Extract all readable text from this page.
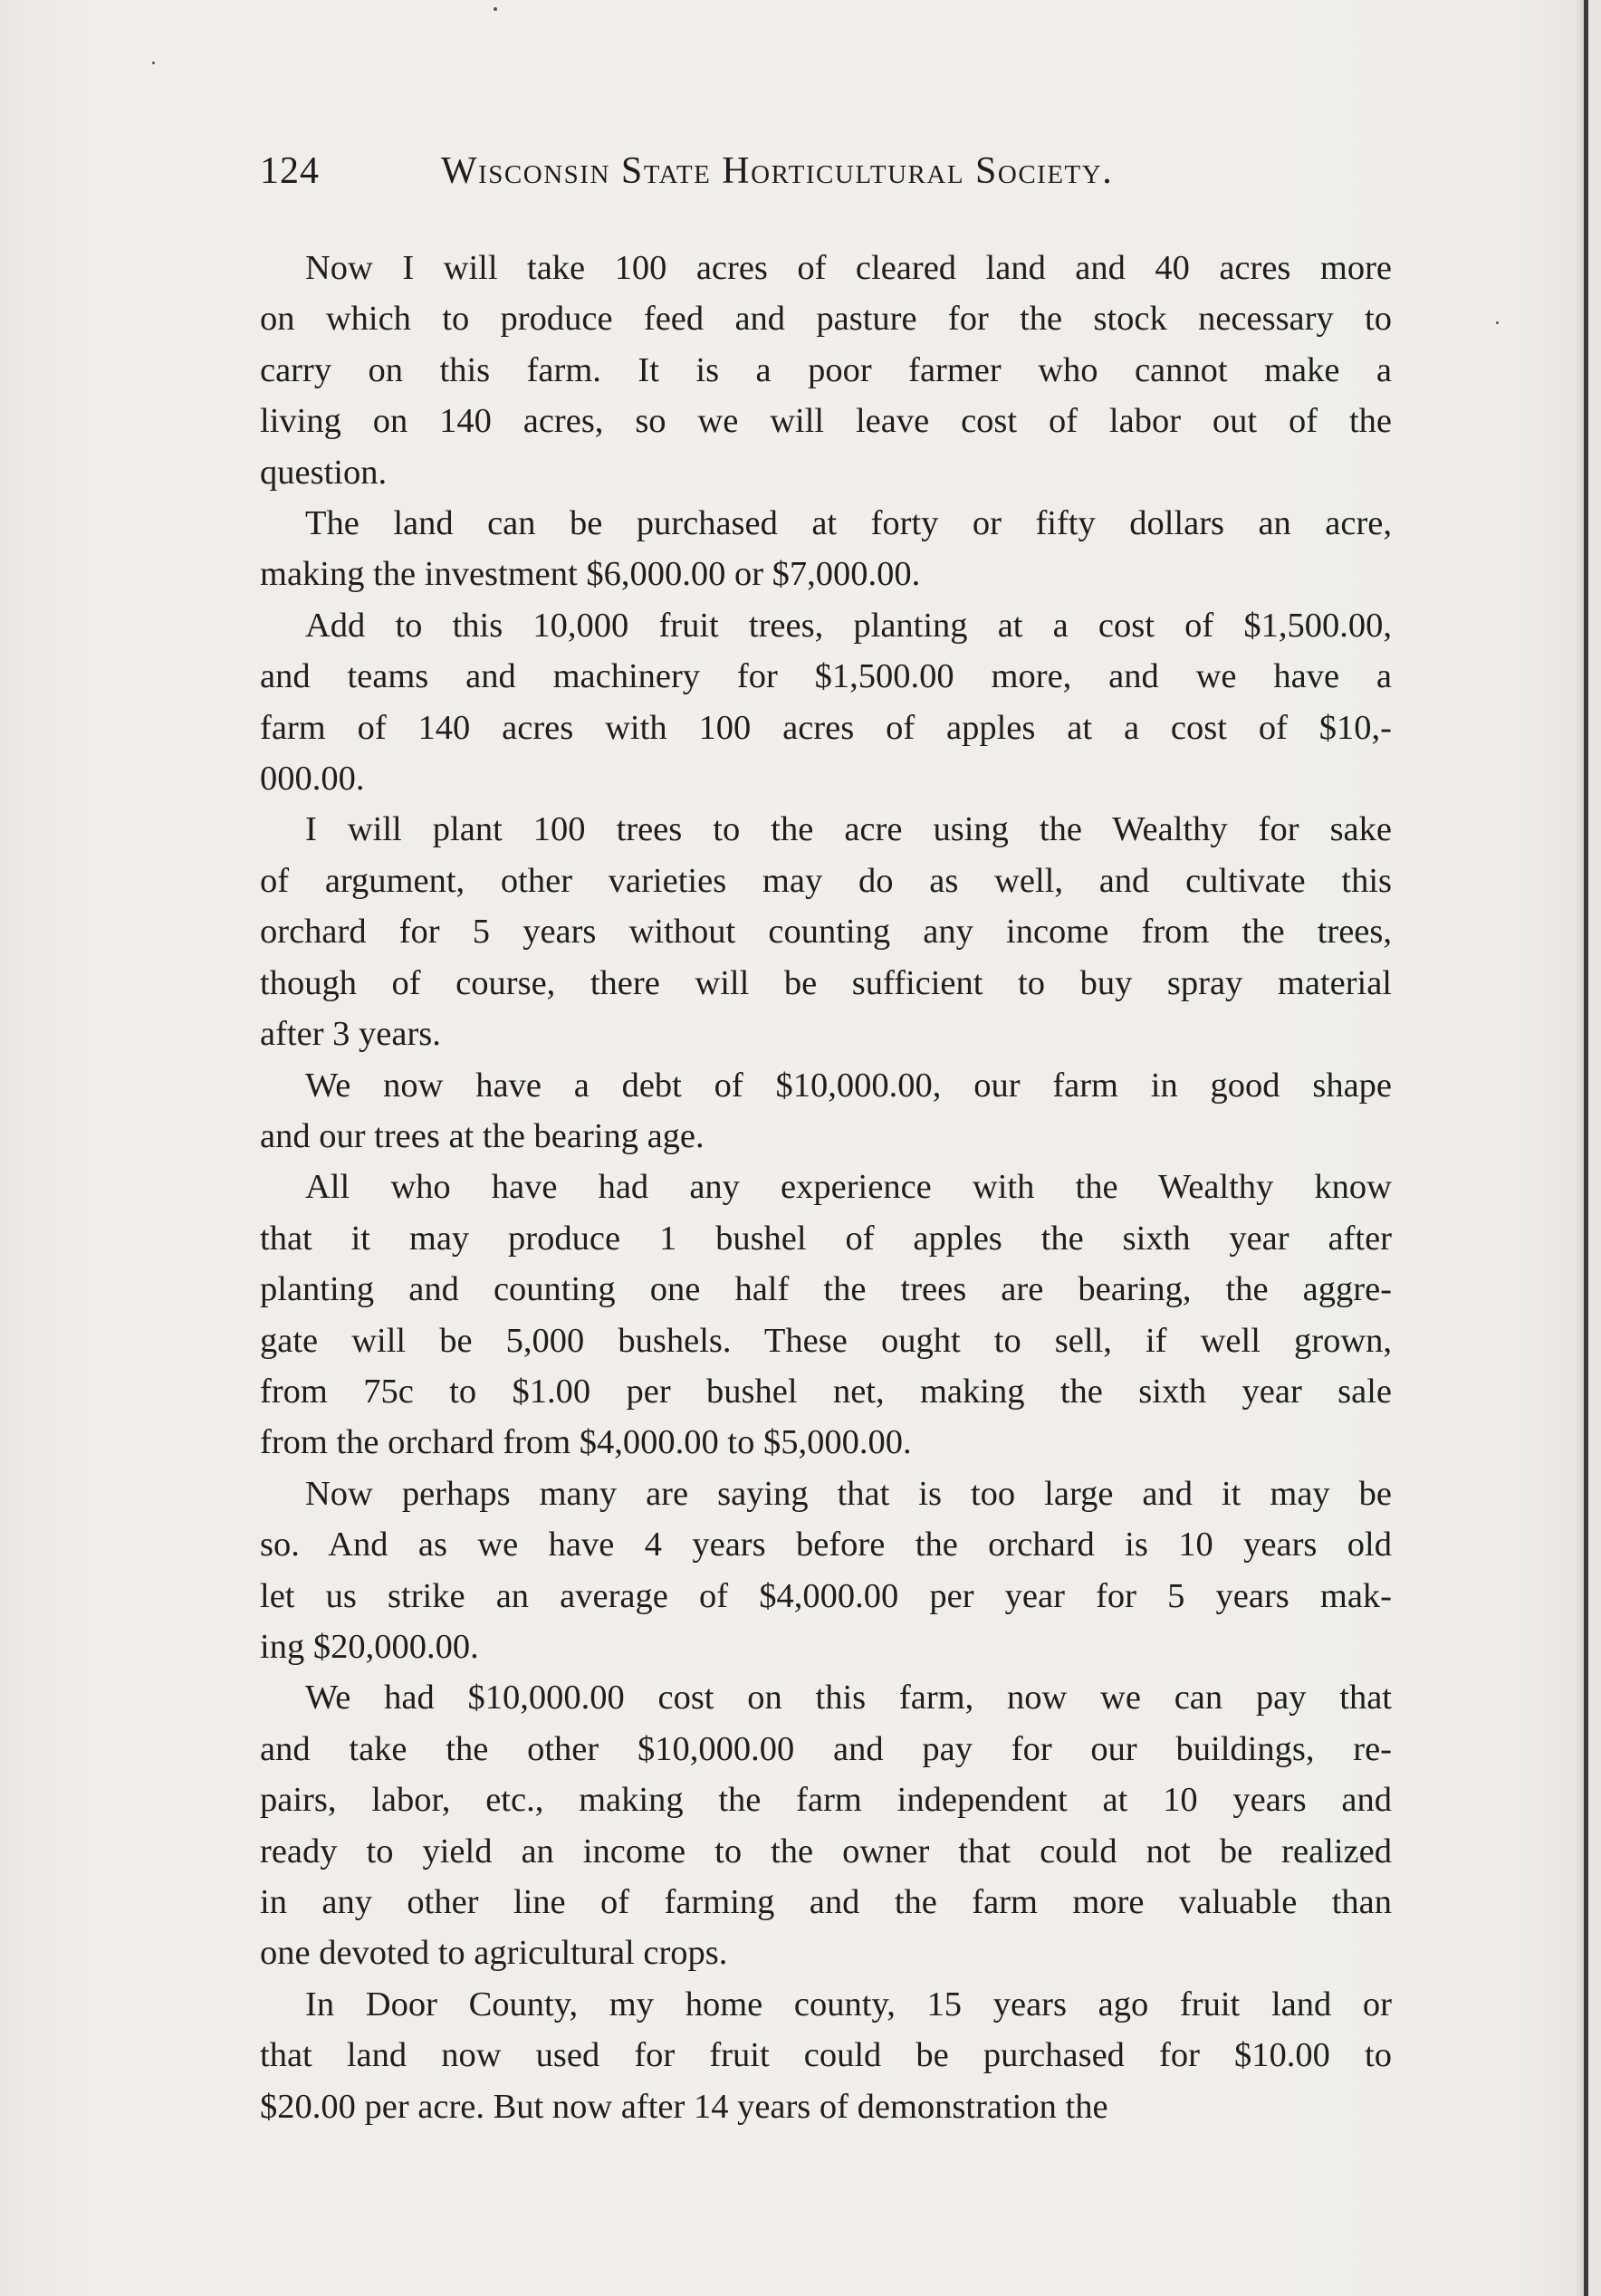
124	Wisconsin State Horticultural Society.

Now I will take 100 acres of cleared land and 40 acres more
on which to produce feed and pasture for the stock necessary to
carry on this farm. It is a poor farmer who cannot make a
living on 140 acres, so we will leave cost of labor out of the
question.

The land can be purchased at forty or fifty dollars an acre,
making the investment $6,000.00 or $7,000.00.

Add to this 10,000 fruit trees, planting at a cost of $1,500.00,
and teams and machinery for $1,500.00 more, and we have a
farm of 140 acres with 100 acres of apples at a cost of $10,-
000.00.

I will plant 100 trees to the acre using the Wealthy for sake
of argument, other varieties may do as well, and cultivate this
orchard for 5 years without counting any income from the trees,
though of course, there will be sufficient to buy spray material
after 3 years.

We now have a debt of $10,000.00, our farm in good shape
and our trees at the bearing age.

All who have had any experience with the Wealthy know
that it may produce 1 bushel of apples the sixth year after
planting and counting one half the trees are bearing, the aggre-
gate will be 5,000 bushels. These ought to sell, if well grown,
from 75c to $1.00 per bushel net, making the sixth year sale
from the orchard from $4,000.00 to $5,000.00.

Now perhaps many are saying that is too large and it may be
so. And as we have 4 years before the orchard is 10 years old
let us strike an average of $4,000.00 per year for 5 years mak-
ing $20,000.00.

We had $10,000.00 cost on this farm, now we can pay that
and take the other $10,000.00 and pay for our buildings, re-
pairs, labor, etc., making the farm independent at 10 years and
ready to yield an income to the owner that could not be realized
in any other line of farming and the farm more valuable than
one devoted to agricultural crops.

In Door County, my home county, 15 years ago fruit land or
that land now used for fruit could be purchased for $10.00 to
$20.00 per acre. But now after 14 years of demonstration the
